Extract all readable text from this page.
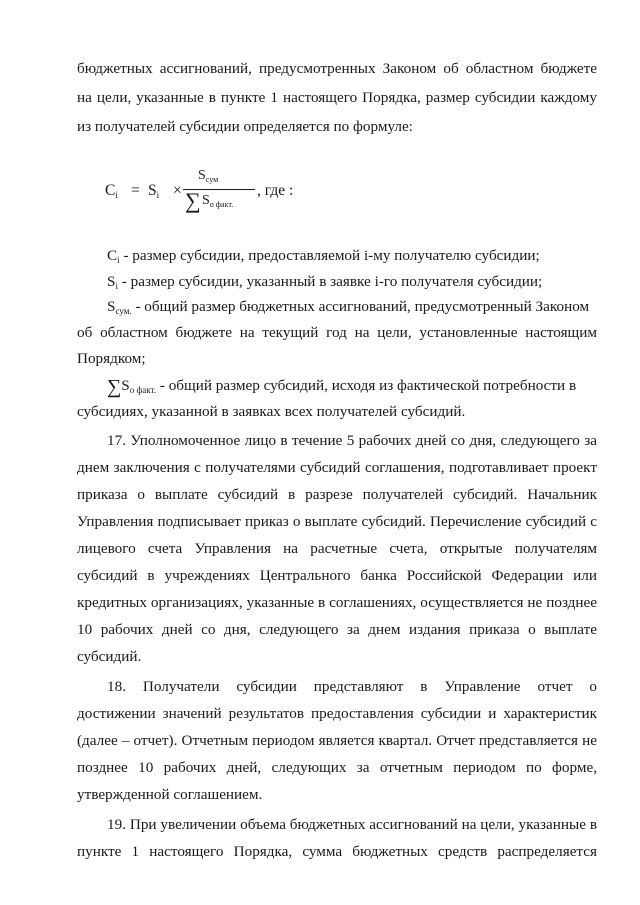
бюджетных ассигнований, предусмотренных Законом об областном бюджете
на цели, указанные в пункте 1 настоящего Порядка, размер субсидии каждому
из получателей субсидии определяется по формуле:
$C_i = S_i$ ×
$S_{сум}$
∑ $S_{о факт.}$
, где :
$C_i$ - размер субсидии, предоставляемой i-му получателю субсидии;
$S_i$ - размер субсидии, указанный в заявке i-го получателя субсидии;
$S_{сум.}$ - общий размер бюджетных ассигнований, предусмотренный Законом
об областном бюджете на текущий год на цели, установленные настоящим
Порядком;
$\sum S_{о факт.}$ - общий размер субсидий, исходя из фактической потребности в
субсидиях, указанной в заявках всех получателей субсидий.
17. Уполномоченное лицо в течение 5 рабочих дней со дня, следующего за
днем заключения с получателями субсидий соглашения, подготавливает проект
приказа о выплате субсидий в разрезе получателей субсидий. Начальник
Управления подписывает приказ о выплате субсидий. Перечисление субсидий с
лицевого счета Управления на расчетные счета, открытые получателям
субсидий в учреждениях Центрального банка Российской Федерации или
кредитных организациях, указанные в соглашениях, осуществляется не позднее
10 рабочих дней со дня, следующего за днем издания приказа о выплате
субсидий.
18. Получатели субсидии представляют в Управление отчет о
достижении значений результатов предоставления субсидии и характеристик
(далее – отчет). Отчетным периодом является квартал. Отчет представляется не
позднее 10 рабочих дней, следующих за отчетным периодом по форме,
утвержденной соглашением.
19. При увеличении объема бюджетных ассигнований на цели, указанные в
пункте 1 настоящего Порядка, сумма бюджетных средств распределяется
